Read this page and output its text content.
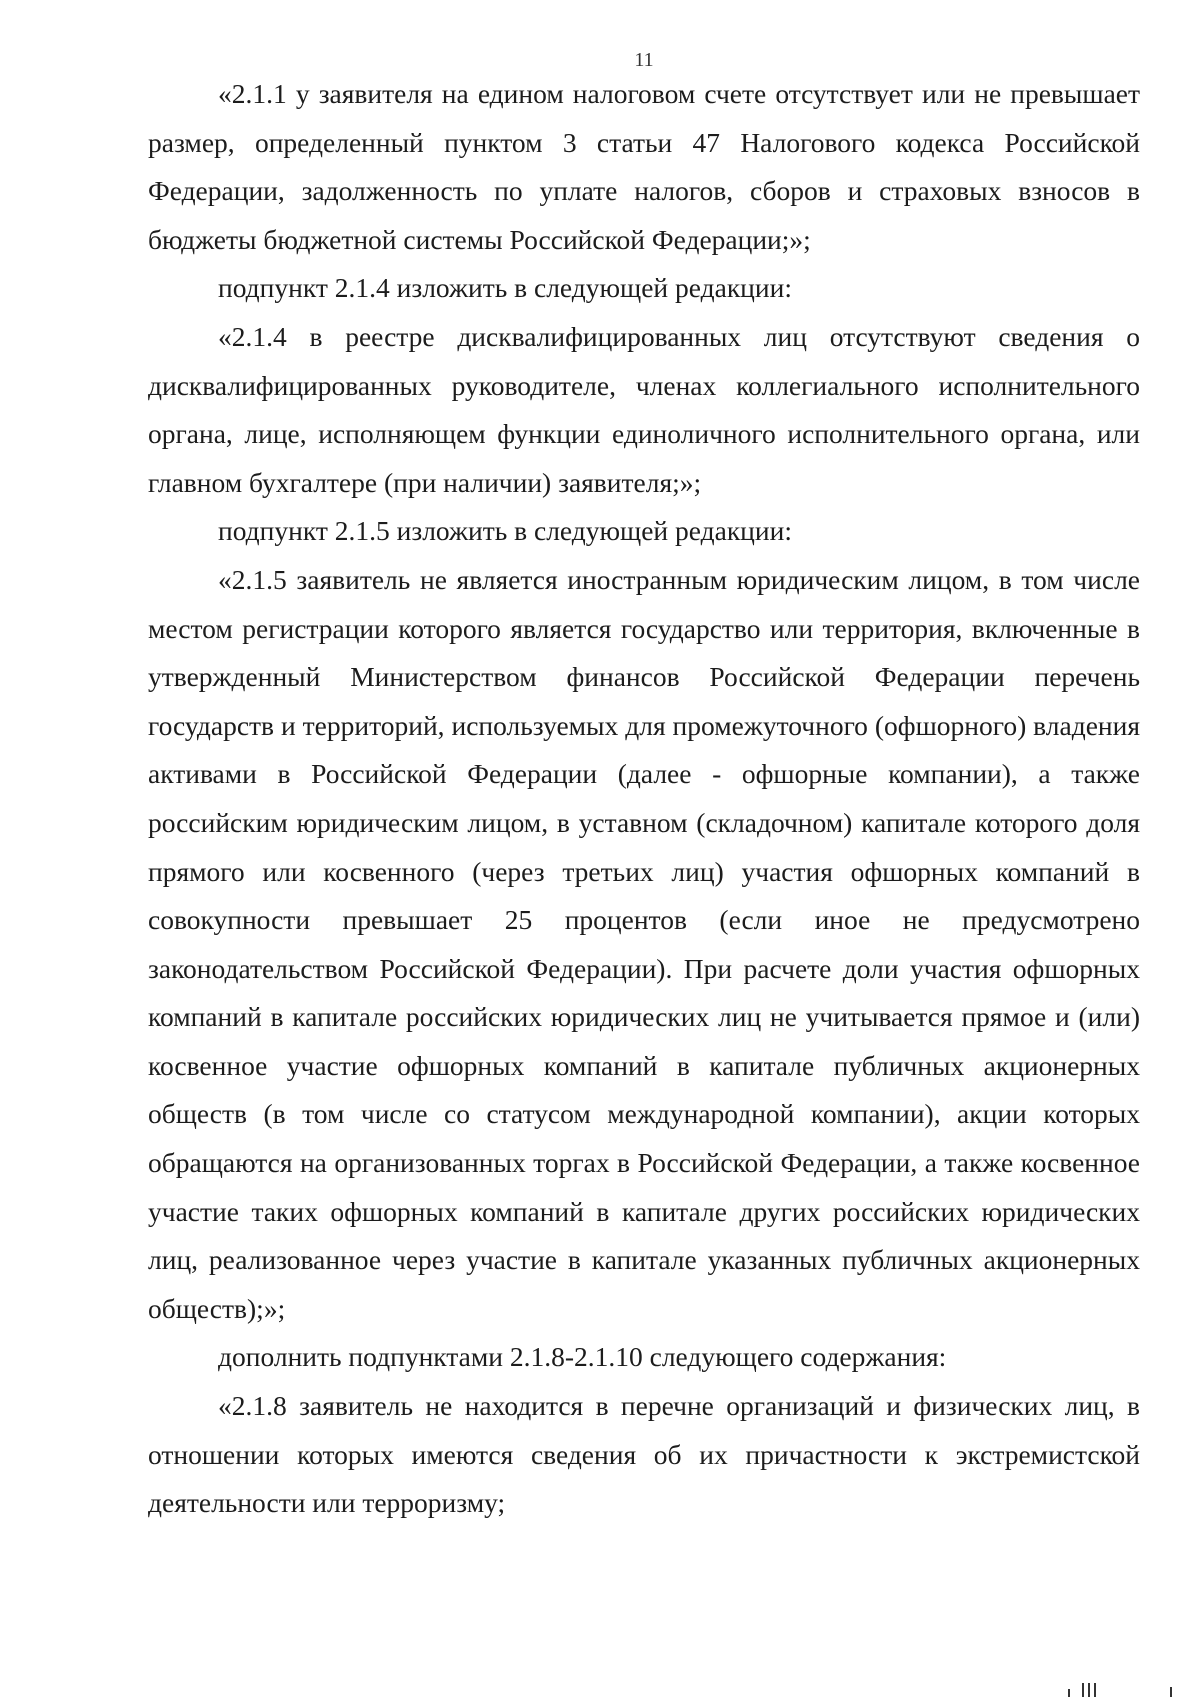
11

«2.1.1 у заявителя на едином налоговом счете отсутствует или не превышает размер, определенный пунктом 3 статьи 47 Налогового кодекса Российской Федерации, задолженность по уплате налогов, сборов и страховых взносов в бюджеты бюджетной системы Российской Федерации;»;

подпункт 2.1.4 изложить в следующей редакции:

«2.1.4 в реестре дисквалифицированных лиц отсутствуют сведения о дисквалифицированных руководителе, членах коллегиального исполнительного органа, лице, исполняющем функции единоличного исполнительного органа, или главном бухгалтере (при наличии) заявителя;»;

подпункт 2.1.5 изложить в следующей редакции:

«2.1.5 заявитель не является иностранным юридическим лицом, в том числе местом регистрации которого является государство или территория, включенные в утвержденный Министерством финансов Российской Федерации перечень государств и территорий, используемых для промежуточного (офшорного) владения активами в Российской Федерации (далее - офшорные компании), а также российским юридическим лицом, в уставном (складочном) капитале которого доля прямого или косвенного (через третьих лиц) участия офшорных компаний в совокупности превышает 25 процентов (если иное не предусмотрено законодательством Российской Федерации). При расчете доли участия офшорных компаний в капитале российских юридических лиц не учитывается прямое и (или) косвенное участие офшорных компаний в капитале публичных акционерных обществ (в том числе со статусом международной компании), акции которых обращаются на организованных торгах в Российской Федерации, а также косвенное участие таких офшорных компаний в капитале других российских юридических лиц, реализованное через участие в капитале указанных публичных акционерных обществ);»;

дополнить подпунктами 2.1.8-2.1.10 следующего содержания:

«2.1.8 заявитель не находится в перечне организаций и физических лиц, в отношении которых имеются сведения об их причастности к экстремистской деятельности или терроризму;
